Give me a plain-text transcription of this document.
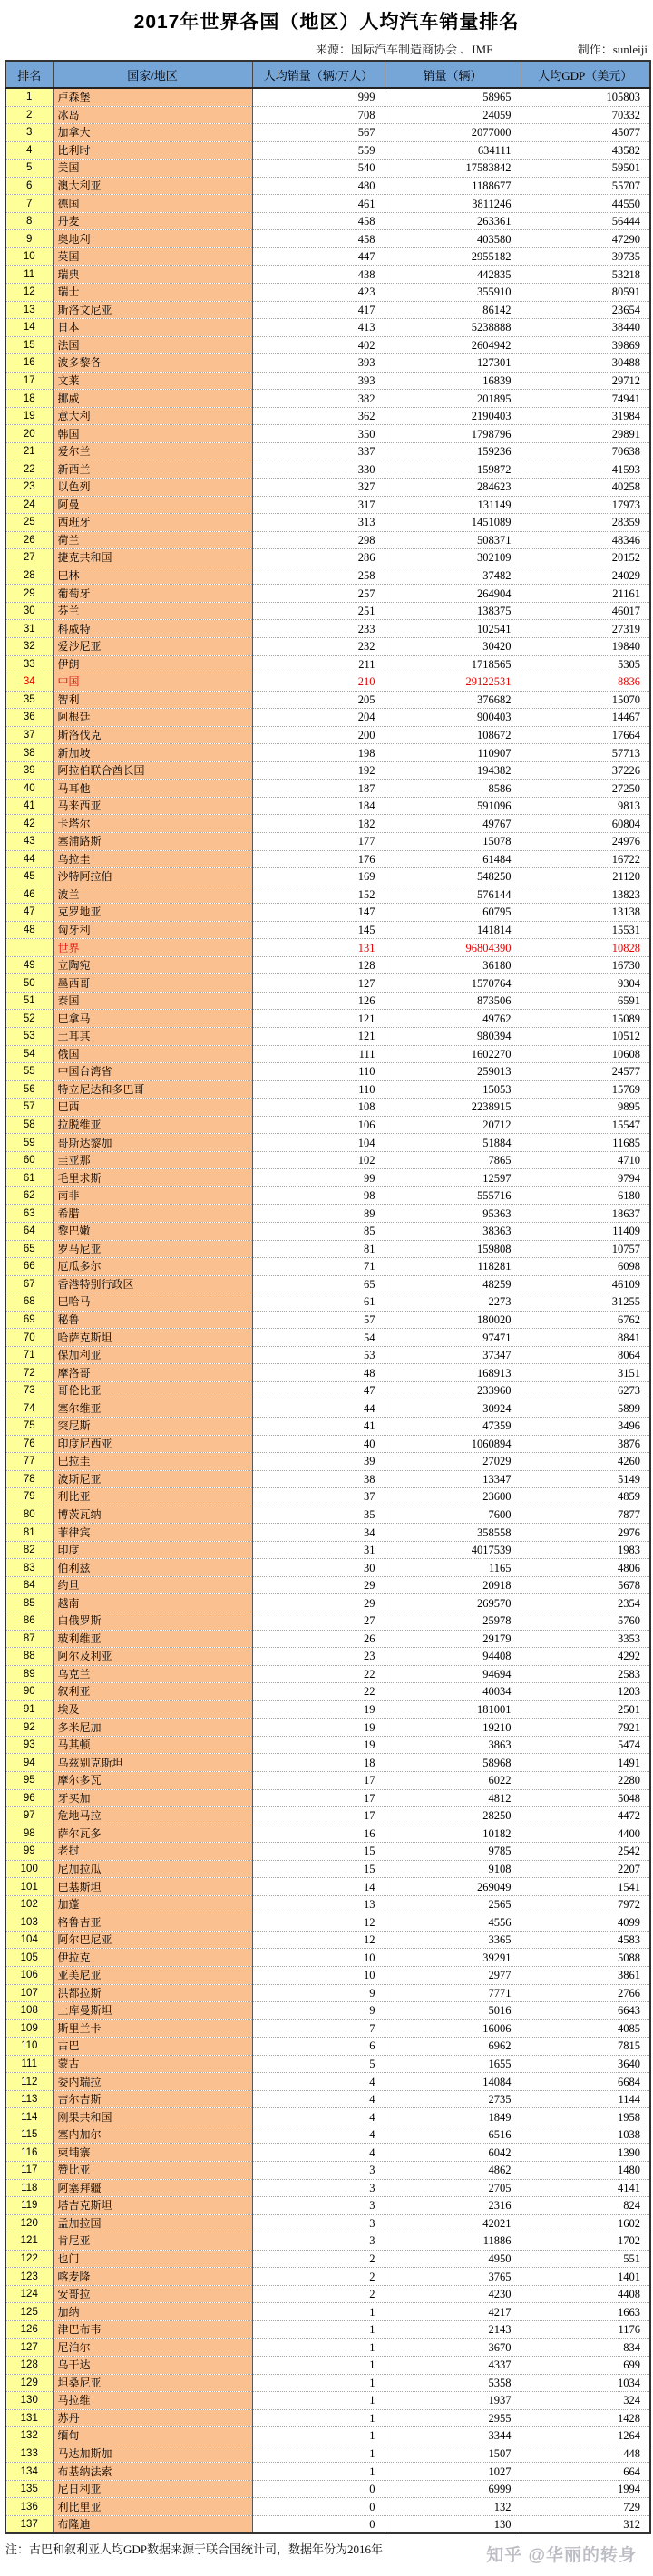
2017年世界各国（地区）人均汽车销量排名
来源：国际汽车制造商协会 、IMF	制作：sunleiji
排名	国家/地区	人均销量（辆/万人）	销量（辆）	人均GDP（美元）
1	卢森堡	999	58965	105803
2	冰岛	708	24059	70332
3	加拿大	567	2077000	45077
4	比利时	559	634111	43582
5	美国	540	17583842	59501
6	澳大利亚	480	1188677	55707
7	德国	461	3811246	44550
8	丹麦	458	263361	56444
9	奥地利	458	403580	47290
10	英国	447	2955182	39735
11	瑞典	438	442835	53218
12	瑞士	423	355910	80591
13	斯洛文尼亚	417	86142	23654
14	日本	413	5238888	38440
15	法国	402	2604942	39869
16	波多黎各	393	127301	30488
17	文莱	393	16839	29712
18	挪威	382	201895	74941
19	意大利	362	2190403	31984
20	韩国	350	1798796	29891
21	爱尔兰	337	159236	70638
22	新西兰	330	159872	41593
23	以色列	327	284623	40258
24	阿曼	317	131149	17973
25	西班牙	313	1451089	28359
26	荷兰	298	508371	48346
27	捷克共和国	286	302109	20152
28	巴林	258	37482	24029
29	葡萄牙	257	264904	21161
30	芬兰	251	138375	46017
31	科威特	233	102541	27319
32	爱沙尼亚	232	30420	19840
33	伊朗	211	1718565	5305
34	中国	210	29122531	8836
35	智利	205	376682	15070
36	阿根廷	204	900403	14467
37	斯洛伐克	200	108672	17664
38	新加坡	198	110907	57713
39	阿拉伯联合酋长国	192	194382	37226
40	马耳他	187	8586	27250
41	马来西亚	184	591096	9813
42	卡塔尔	182	49767	60804
43	塞浦路斯	177	15078	24976
44	乌拉圭	176	61484	16722
45	沙特阿拉伯	169	548250	21120
46	波兰	152	576144	13823
47	克罗地亚	147	60795	13138
48	匈牙利	145	141814	15531
	世界	131	96804390	10828
49	立陶宛	128	36180	16730
50	墨西哥	127	1570764	9304
51	泰国	126	873506	6591
52	巴拿马	121	49762	15089
53	土耳其	121	980394	10512
54	俄国	111	1602270	10608
55	中国台湾省	110	259013	24577
56	特立尼达和多巴哥	110	15053	15769
57	巴西	108	2238915	9895
58	拉脱维亚	106	20712	15547
59	哥斯达黎加	104	51884	11685
60	圭亚那	102	7865	4710
61	毛里求斯	99	12597	9794
62	南非	98	555716	6180
63	希腊	89	95363	18637
64	黎巴嫩	85	38363	11409
65	罗马尼亚	81	159808	10757
66	厄瓜多尔	71	118281	6098
67	香港特别行政区	65	48259	46109
68	巴哈马	61	2273	31255
69	秘鲁	57	180020	6762
70	哈萨克斯坦	54	97471	8841
71	保加利亚	53	37347	8064
72	摩洛哥	48	168913	3151
73	哥伦比亚	47	233960	6273
74	塞尔维亚	44	30924	5899
75	突尼斯	41	47359	3496
76	印度尼西亚	40	1060894	3876
77	巴拉圭	39	27029	4260
78	波斯尼亚	38	13347	5149
79	利比亚	37	23600	4859
80	博茨瓦纳	35	7600	7877
81	菲律宾	34	358558	2976
82	印度	31	4017539	1983
83	伯利兹	30	1165	4806
84	约旦	29	20918	5678
85	越南	29	269570	2354
86	白俄罗斯	27	25978	5760
87	玻利维亚	26	29179	3353
88	阿尔及利亚	23	94408	4292
89	乌克兰	22	94694	2583
90	叙利亚	22	40034	1203
91	埃及	19	181001	2501
92	多米尼加	19	19210	7921
93	马其顿	19	3863	5474
94	乌兹别克斯坦	18	58968	1491
95	摩尔多瓦	17	6022	2280
96	牙买加	17	4812	5048
97	危地马拉	17	28250	4472
98	萨尔瓦多	16	10182	4400
99	老挝	15	9785	2542
100	尼加拉瓜	15	9108	2207
101	巴基斯坦	14	269049	1541
102	加蓬	13	2565	7972
103	格鲁吉亚	12	4556	4099
104	阿尔巴尼亚	12	3365	4583
105	伊拉克	10	39291	5088
106	亚美尼亚	10	2977	3861
107	洪都拉斯	9	7771	2766
108	土库曼斯坦	9	5016	6643
109	斯里兰卡	7	16006	4085
110	古巴	6	6962	7815
111	蒙古	5	1655	3640
112	委内瑞拉	4	14084	6684
113	吉尔吉斯	4	2735	1144
114	刚果共和国	4	1849	1958
115	塞内加尔	4	6516	1038
116	柬埔寨	4	6042	1390
117	赞比亚	3	4862	1480
118	阿塞拜疆	3	2705	4141
119	塔吉克斯坦	3	2316	824
120	孟加拉国	3	42021	1602
121	肯尼亚	3	11886	1702
122	也门	2	4950	551
123	喀麦隆	2	3765	1401
124	安哥拉	2	4230	4408
125	加纳	1	4217	1663
126	津巴布韦	1	2143	1176
127	尼泊尔	1	3670	834
128	乌干达	1	4337	699
129	坦桑尼亚	1	5358	1034
130	马拉维	1	1937	324
131	苏丹	1	2955	1428
132	缅甸	1	3344	1264
133	马达加斯加	1	1507	448
134	布基纳法索	1	1027	664
135	尼日利亚	0	6999	1994
136	利比里亚	0	132	729
137	布隆迪	0	130	312
注：古巴和叙利亚人均GDP数据来源于联合国统计司，数据年份为2016年	知乎 @华丽的转身
